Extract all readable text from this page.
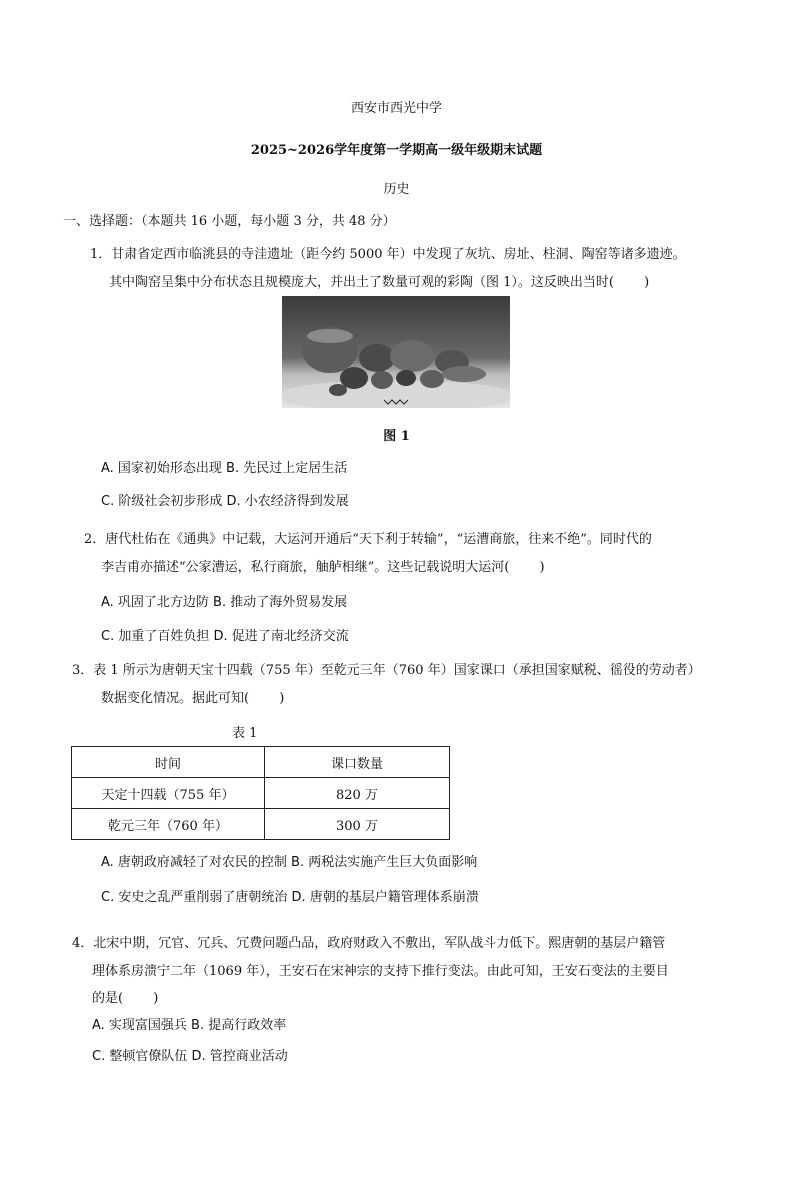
西安市西光中学
2025~2026学年度第一学期高一级年级期末试题
历史
一、选择题：（本题共 16 小题，每小题 3 分，共 48 分）
1．甘肃省定西市临洮县的寺洼遗址（距今约 5000 年）中发现了灰坑、房址、柱洞、陶窑等诸多遗迹。
其中陶窑呈集中分布状态且规模庞大，并出土了数量可观的彩陶（图 1）。这反映出当时(　　 )
图 1
A. 国家初始形态出现 B. 先民过上定居生活
C. 阶级社会初步形成 D. 小农经济得到发展
2．唐代杜佑在《通典》中记载，大运河开通后“天下利于转输”，“运漕商旅，往来不绝”。同时代的
李吉甫亦描述“公家漕运，私行商旅，舳舻相继”。这些记载说明大运河(　　 )
A. 巩固了北方边防 B. 推动了海外贸易发展
C. 加重了百姓负担 D. 促进了南北经济交流
3．表 1 所示为唐朝天宝十四载（755 年）至乾元三年（760 年）国家课口（承担国家赋税、徭役的劳动者）
数据变化情况。据此可知(　　 )
表 1
时间	课口数量
天定十四载（755 年）	820 万
乾元三年（760 年）	300 万
A. 唐朝政府减轻了对农民的控制 B. 两税法实施产生巨大负面影响
C. 安史之乱严重削弱了唐朝统治 D. 唐朝的基层户籍管理体系崩溃
4．北宋中期，冗官、冗兵、冗费问题凸品，政府财政入不敷出，军队战斗力低下。熙唐朝的基层户籍管
理体系房溃宁二年（1069 年），王安石在宋神宗的支持下推行变法。由此可知，王安石变法的主要目
的是(　　 )
A. 实现富国强兵 B. 提高行政效率
C. 整顿官僚队伍 D. 管控商业活动
